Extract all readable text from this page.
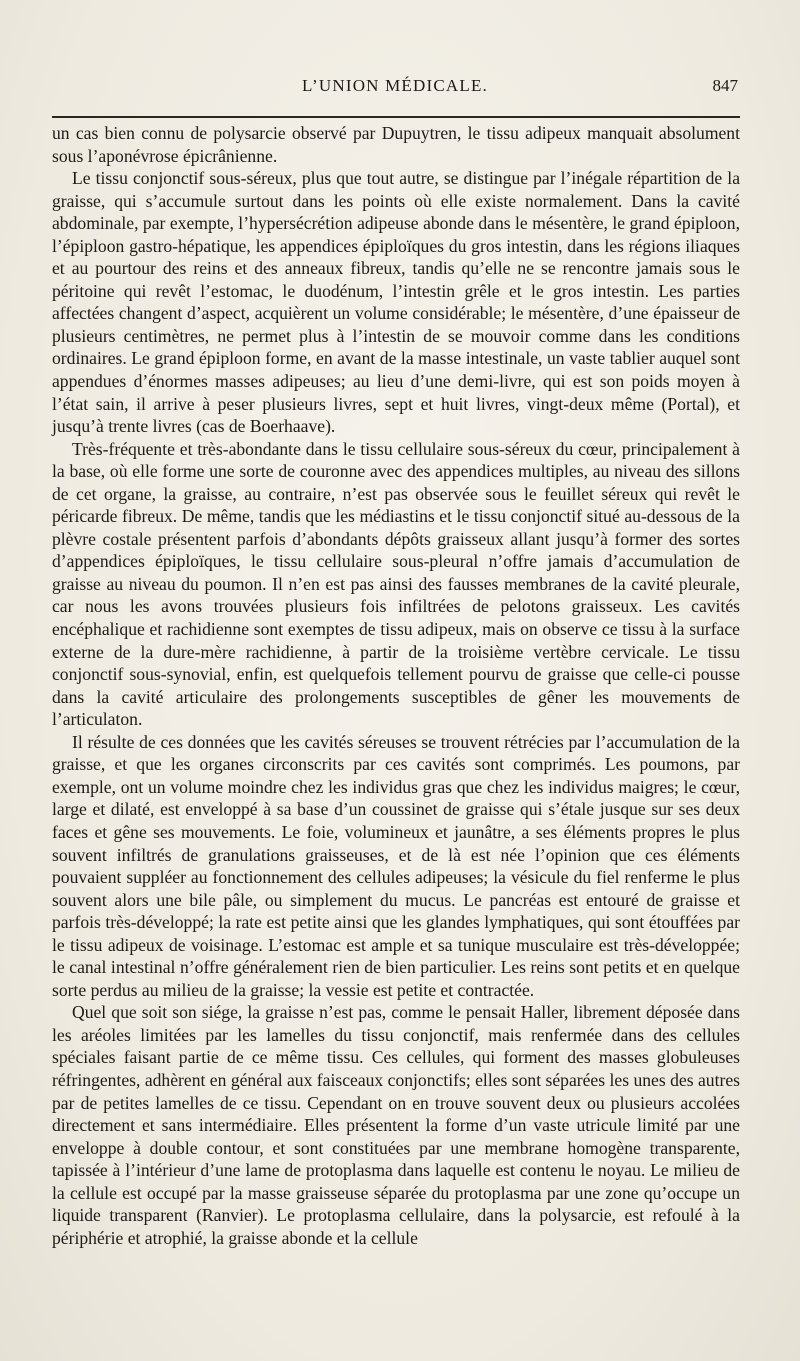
L’UNION MÉDICALE.	847

un cas bien connu de polysarcie observé par Dupuytren, le tissu adipeux manquait absolument sous l’aponévrose épicrânienne.

Le tissu conjonctif sous-séreux, plus que tout autre, se distingue par l’inégale répartition de la graisse, qui s’accumule surtout dans les points où elle existe normalement. Dans la cavité abdominale, par exempte, l’hypersécrétion adipeuse abonde dans le mésentère, le grand épiploon, l’épiploon gastro-hépatique, les appendices épiploïques du gros intestin, dans les régions iliaques et au pourtour des reins et des anneaux fibreux, tandis qu’elle ne se rencontre jamais sous le péritoine qui revêt l’estomac, le duodénum, l’intestin grêle et le gros intestin. Les parties affectées changent d’aspect, acquièrent un volume considérable; le mésentère, d’une épaisseur de plusieurs centimètres, ne permet plus à l’intestin de se mouvoir comme dans les conditions ordinaires. Le grand épiploon forme, en avant de la masse intestinale, un vaste tablier auquel sont appendues d’énormes masses adipeuses; au lieu d’une demi-livre, qui est son poids moyen à l’état sain, il arrive à peser plusieurs livres, sept et huit livres, vingt-deux même (Portal), et jusqu’à trente livres (cas de Boerhaave).

Très-fréquente et très-abondante dans le tissu cellulaire sous-séreux du cœur, principalement à la base, où elle forme une sorte de couronne avec des appendices multiples, au niveau des sillons de cet organe, la graisse, au contraire, n’est pas observée sous le feuillet séreux qui revêt le péricarde fibreux. De même, tandis que les médiastins et le tissu conjonctif situé au-dessous de la plèvre costale présentent parfois d’abondants dépôts graisseux allant jusqu’à former des sortes d’appendices épiploïques, le tissu cellulaire sous-pleural n’offre jamais d’accumulation de graisse au niveau du poumon. Il n’en est pas ainsi des fausses membranes de la cavité pleurale, car nous les avons trouvées plusieurs fois infiltrées de pelotons graisseux. Les cavités encéphalique et rachidienne sont exemptes de tissu adipeux, mais on observe ce tissu à la surface externe de la dure-mère rachidienne, à partir de la troisième vertèbre cervicale. Le tissu conjonctif sous-synovial, enfin, est quelquefois tellement pourvu de graisse que celle-ci pousse dans la cavité articulaire des prolongements susceptibles de gêner les mouvements de l’articulaton.

Il résulte de ces données que les cavités séreuses se trouvent rétrécies par l’accumulation de la graisse, et que les organes circonscrits par ces cavités sont comprimés. Les poumons, par exemple, ont un volume moindre chez les individus gras que chez les individus maigres; le cœur, large et dilaté, est enveloppé à sa base d’un coussinet de graisse qui s’étale jusque sur ses deux faces et gêne ses mouvements. Le foie, volumineux et jaunâtre, a ses éléments propres le plus souvent infiltrés de granulations graisseuses, et de là est née l’opinion que ces éléments pouvaient suppléer au fonctionnement des cellules adipeuses; la vésicule du fiel renferme le plus souvent alors une bile pâle, ou simplement du mucus. Le pancréas est entouré de graisse et parfois très-développé; la rate est petite ainsi que les glandes lymphatiques, qui sont étouffées par le tissu adipeux de voisinage. L’estomac est ample et sa tunique musculaire est très-développée; le canal intestinal n’offre généralement rien de bien particulier. Les reins sont petits et en quelque sorte perdus au milieu de la graisse; la vessie est petite et contractée.

Quel que soit son siége, la graisse n’est pas, comme le pensait Haller, librement déposée dans les aréoles limitées par les lamelles du tissu conjonctif, mais renfermée dans des cellules spéciales faisant partie de ce même tissu. Ces cellules, qui forment des masses globuleuses réfringentes, adhèrent en général aux faisceaux conjonctifs; elles sont séparées les unes des autres par de petites lamelles de ce tissu. Cependant on en trouve souvent deux ou plusieurs accolées directement et sans intermédiaire. Elles présentent la forme d’un vaste utricule limité par une enveloppe à double contour, et sont constituées par une membrane homogène transparente, tapissée à l’intérieur d’une lame de protoplasma dans laquelle est contenu le noyau. Le milieu de la cellule est occupé par la masse graisseuse séparée du protoplasma par une zone qu’occupe un liquide transparent (Ranvier). Le protoplasma cellulaire, dans la polysarcie, est refoulé à la périphérie et atrophié, la graisse abonde et la cellule
